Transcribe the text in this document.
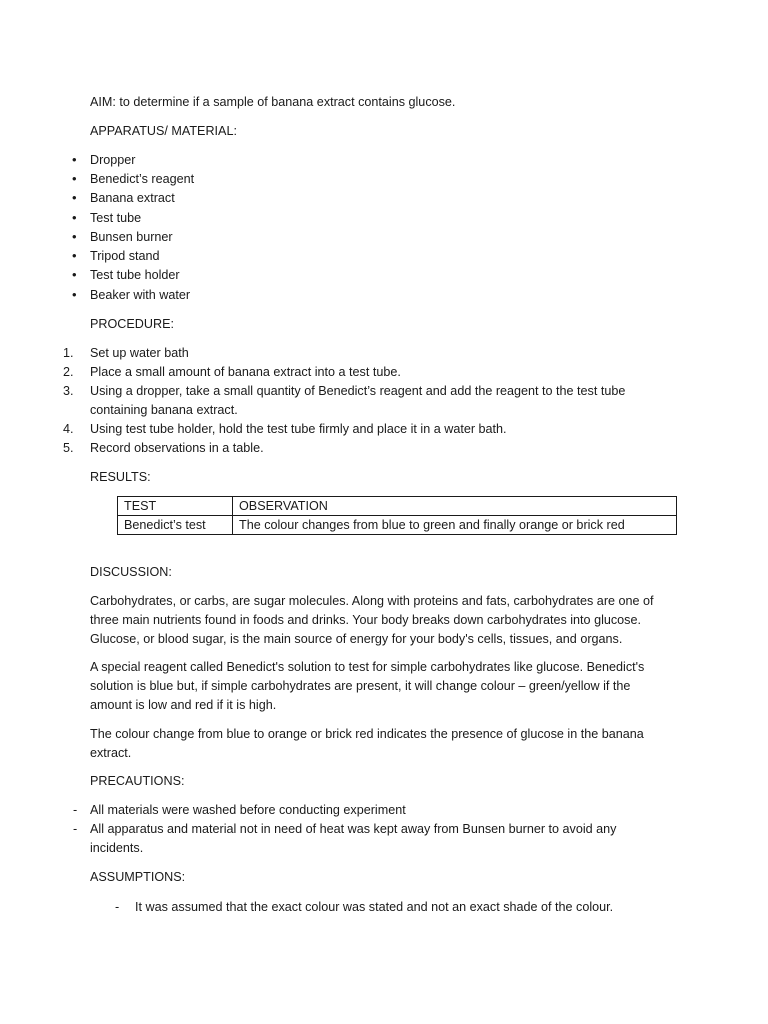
AIM: to determine if a sample of banana extract contains glucose.
APPARATUS/ MATERIAL:
• Dropper
• Benedict’s reagent
• Banana extract
• Test tube
• Bunsen burner
• Tripod stand
• Test tube holder
• Beaker with water
PROCEDURE:
1. Set up water bath
2. Place a small amount of banana extract into a test tube.
3. Using a dropper, take a small quantity of Benedict’s reagent and add the reagent to the test tube
containing banana extract.
4. Using test tube holder, hold the test tube firmly and place it in a water bath.
5. Record observations in a table.
RESULTS:
TEST	OBSERVATION
Benedict’s test	The colour changes from blue to green and finally orange or brick red
DISCUSSION:
Carbohydrates, or carbs, are sugar molecules. Along with proteins and fats, carbohydrates are one of three main nutrients found in foods and drinks. Your body breaks down carbohydrates into glucose. Glucose, or blood sugar, is the main source of energy for your body's cells, tissues, and organs.
A special reagent called Benedict's solution to test for simple carbohydrates like glucose. Benedict's solution is blue but, if simple carbohydrates are present, it will change colour – green/yellow if the amount is low and red if it is high.
The colour change from blue to orange or brick red indicates the presence of glucose in the banana extract.
PRECAUTIONS:
- All materials were washed before conducting experiment
- All apparatus and material not in need of heat was kept away from Bunsen burner to avoid any incidents.
ASSUMPTIONS:
- It was assumed that the exact colour was stated and not an exact shade of the colour.
